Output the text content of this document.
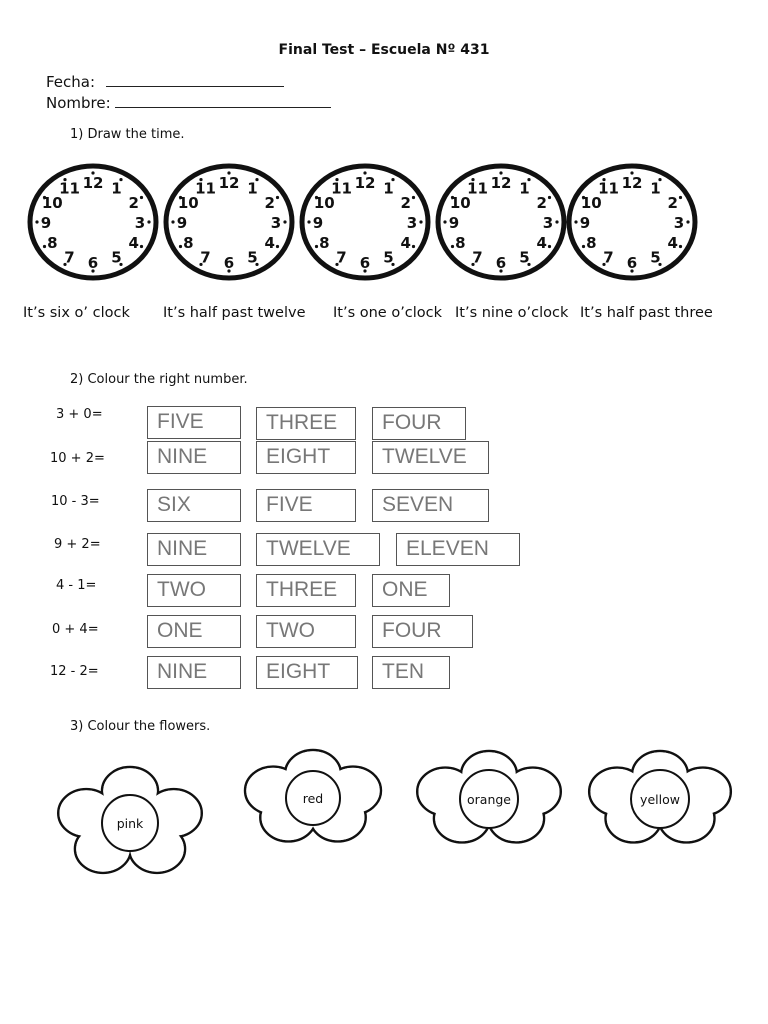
Final Test – Escuela Nº 431
Fecha:
Nombre:
1) Draw the time.
12 1
2
3
4
5
6
7
8
9
10
11	12 1
2
3
4
5
6
7
8
9
10
11	12 1
2
3
4
5
6
7
8
9
10
11	12 1
2
3
4
5
6
7
8
9
10
11	12 1
2
3
4
5
6
7
8
9
10
11
It’s six o’ clock It’s half past twelve It’s one o’clock It’s nine o’clock It’s half past three
2) Colour the right number.
3 + 0=	FIVE	THREE	FOUR
10 + 2=	NINE	EIGHT	TWELVE
10 - 3=	SIX	FIVE	SEVEN
9 + 2=	NINE	TWELVE	ELEVEN
4 - 1=	TWO	THREE	ONE
0 + 4=	ONE	TWO	FOUR
12 - 2=	NINE	EIGHT	TEN
3) Colour the flowers.
pink
red	orange	yellow
